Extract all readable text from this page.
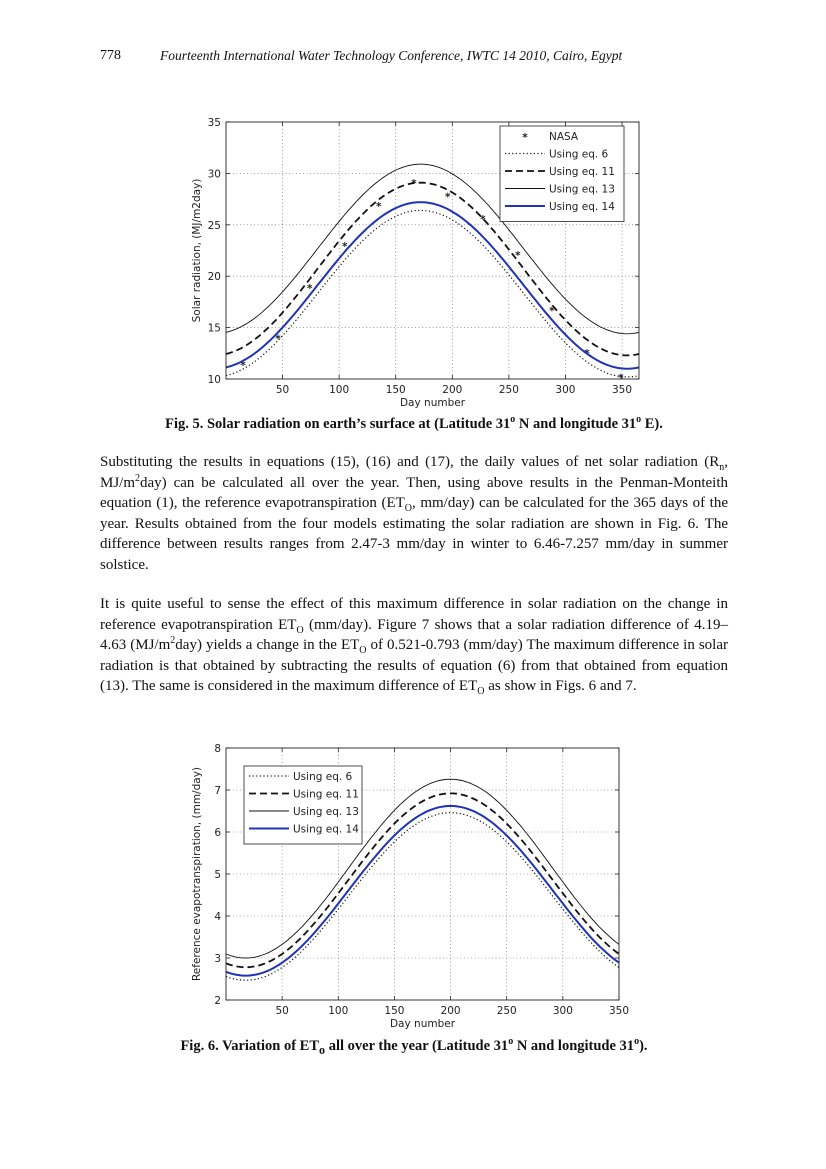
778	Fourteenth International Water Technology Conference, IWTC 14 2010, Cairo, Egypt
*
*
*
*
*
*
*
*
*
*
*
*
50	100	150	200	250	300	350
10
15
20
25
30
35
Day number
Solar radiation, (MJ/m2day)
* NASA
Using eq. 6
Using eq. 11
Using eq. 13
Using eq. 14
Fig. 5. Solar radiation on earth’s surface at (Latitude 31$^o$ N and longitude 31$^o$ E).
Substituting the results in equations (15), (16) and (17), the daily values of net solar radiation ($R_n$, $MJ/m^2day$) can be calculated all over the year. Then, using above results in the Penman-Monteith equation (1), the reference evapotranspiration ($ET_O$, mm/day) can be calculated for the 365 days of the year. Results obtained from the four models estimating the solar radiation are shown in Fig. 6. The difference between results ranges from 2.47-3 mm/day in winter to 6.46-7.257 mm/day in summer solstice.
It is quite useful to sense the effect of this maximum difference in solar radiation on the change in reference evapotranspiration $ET_O$ (mm/day). Figure 7 shows that a solar radiation difference of 4.19–4.63 $(MJ/m^2day)$ yields a change in the $ET_O$ of 0.521-0.793 (mm/day) The maximum difference in solar radiation is that obtained by subtracting the results of equation (6) from that obtained from equation (13). The same is considered in the maximum difference of $ET_O$ as show in Figs. 6 and 7.
50	100	150	200	250	300	350
2
3
4
5
6
7
8
Day number
Reference evapotranspiration, (mm/day)	Using eq. 6
Using eq. 11
Using eq. 13
Using eq. 14
Fig. 6. Variation of $ET_o$ all over the year (Latitude 31$^o$ N and longitude 31$^o$).
